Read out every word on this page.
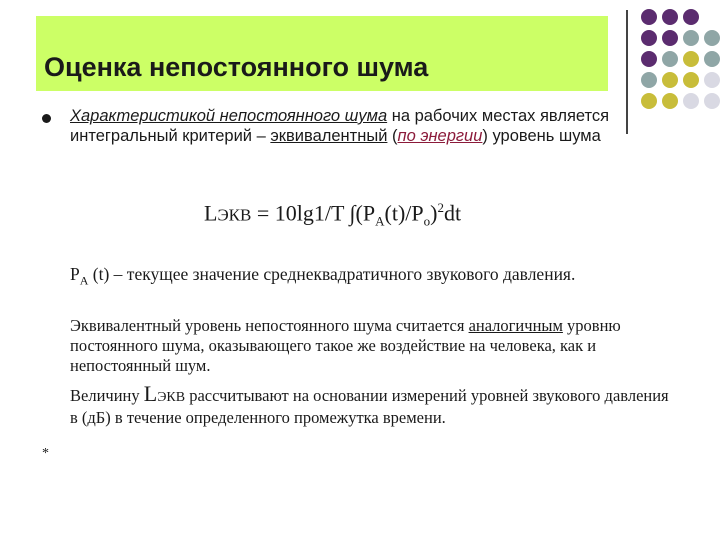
Оценка непостоянного шума

Характеристикой непостоянного шума на рабочих местах является интегральный критерий – эквивалентный (по энергии) уровень шума

LЭКВ = 10lg1/T $\int(P_A(t)/P_o)^2dt$
$P_A$ (t) – текущее значение среднеквадратичного звукового давления.

Эквивалентный уровень непостоянного шума считается аналогичным уровню постоянного шума, оказывающего такое же воздействие на человека, как и непостоянный шум.

Величину LЭКВ рассчитывают на основании измерений уровней звукового давления в (дБ) в течение определенного промежутка времени.

*
